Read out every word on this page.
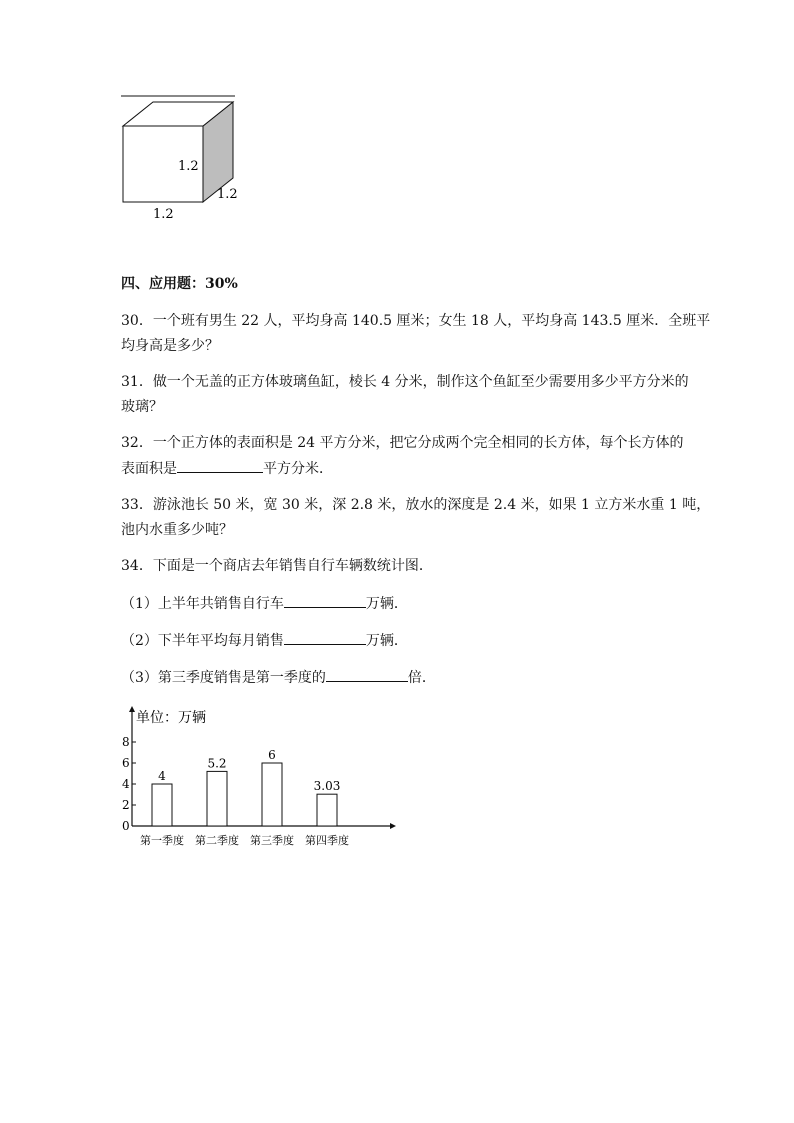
1.2
1.2
1.2
四、应用题：30%
30．一个班有男生 22 人，平均身高 140.5 厘米；女生 18 人，平均身高 143.5 厘米．全班平
均身高是多少？
31．做一个无盖的正方体玻璃鱼缸，棱长 4 分米，制作这个鱼缸至少需要用多少平方分米的
玻璃？
32．一个正方体的表面积是 24 平方分米，把它分成两个完全相同的长方体，每个长方体的
表面积是	平方分米．
33．游泳池长 50 米，宽 30 米，深 2.8 米，放水的深度是 2.4 米，如果 1 立方米水重 1 吨，
池内水重多少吨？
34．下面是一个商店去年销售自行车辆数统计图．
（1）上半年共销售自行车	万辆．
（2）下半年平均每月销售	万辆．
（3）第三季度销售是第一季度的	倍．
单位：万辆
0
2
4
6
8
4
第一季度
5.2
第二季度
6
第三季度
3.03
第四季度
